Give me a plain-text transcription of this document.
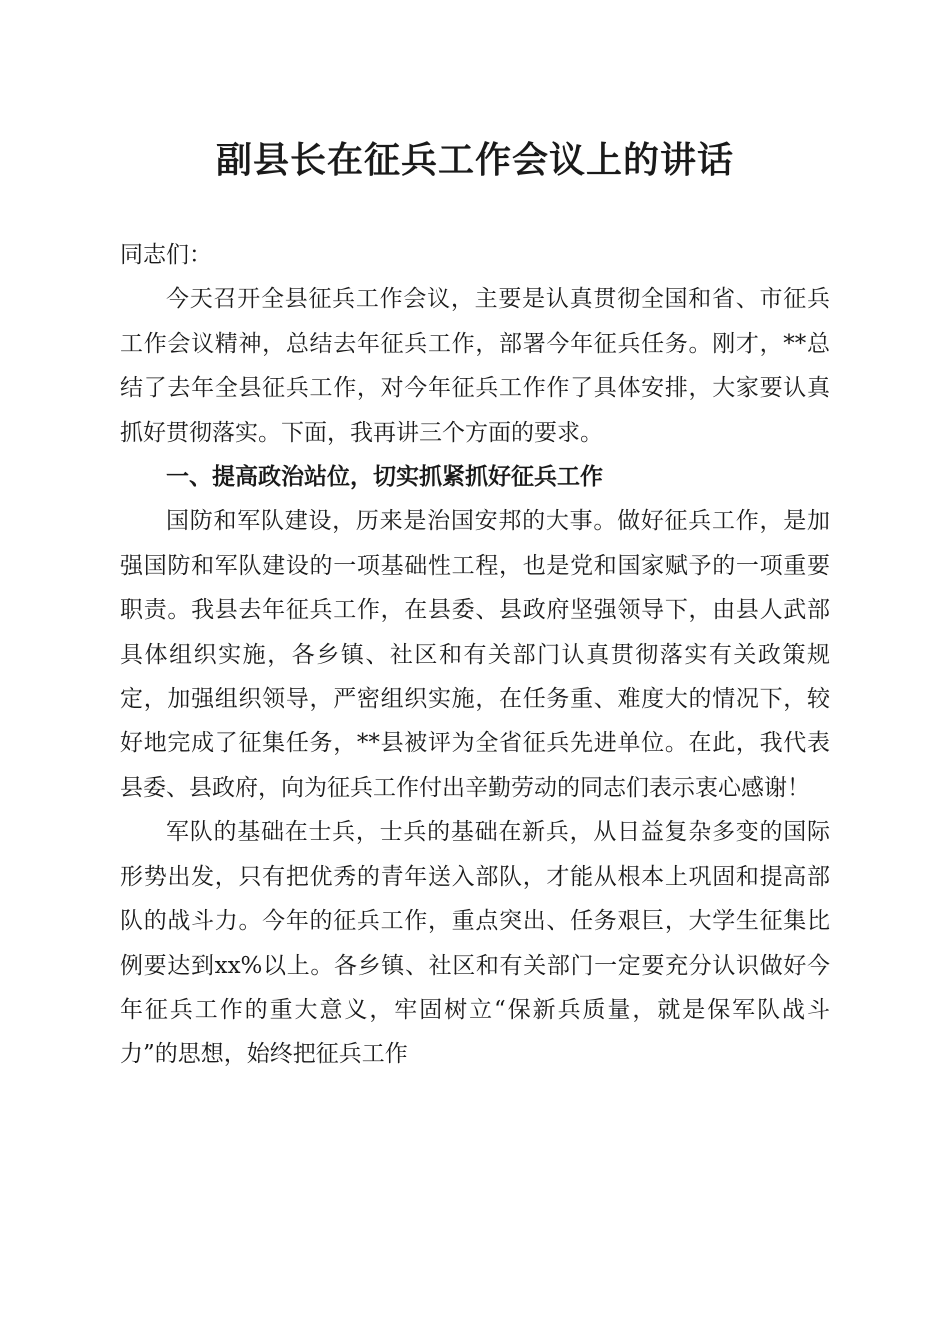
副县长在征兵工作会议上的讲话

同志们：

今天召开全县征兵工作会议，主要是认真贯彻全国和省、市征兵工作会议精神，总结去年征兵工作，部署今年征兵任务。刚才，**总结了去年全县征兵工作，对今年征兵工作作了具体安排，大家要认真抓好贯彻落实。下面，我再讲三个方面的要求。

一、提高政治站位，切实抓紧抓好征兵工作

国防和军队建设，历来是治国安邦的大事。做好征兵工作，是加强国防和军队建设的一项基础性工程，也是党和国家赋予的一项重要职责。我县去年征兵工作，在县委、县政府坚强领导下，由县人武部具体组织实施，各乡镇、社区和有关部门认真贯彻落实有关政策规定，加强组织领导，严密组织实施，在任务重、难度大的情况下，较好地完成了征集任务，**县被评为全省征兵先进单位。在此，我代表县委、县政府，向为征兵工作付出辛勤劳动的同志们表示衷心感谢！

军队的基础在士兵，士兵的基础在新兵，从日益复杂多变的国际形势出发，只有把优秀的青年送入部队，才能从根本上巩固和提高部队的战斗力。今年的征兵工作，重点突出、任务艰巨，大学生征集比例要达到xx%以上。各乡镇、社区和有关部门一定要充分认识做好今年征兵工作的重大意义，牢固树立“保新兵质量，就是保军队战斗力”的思想，始终把征兵工作
